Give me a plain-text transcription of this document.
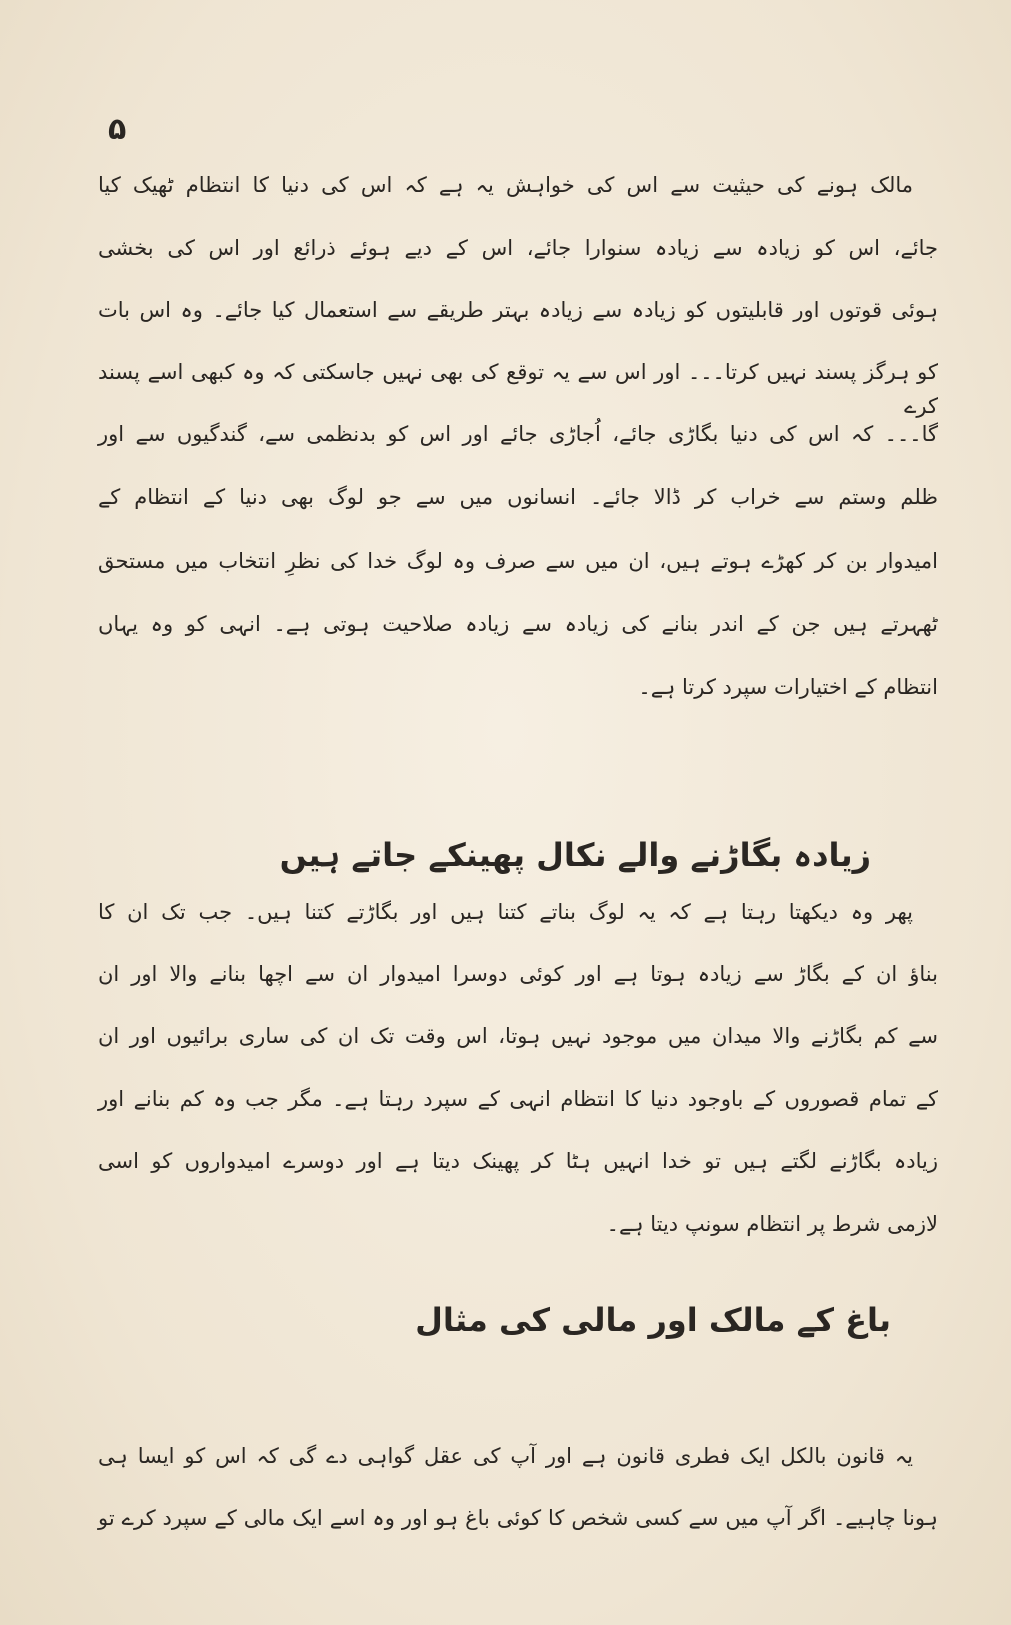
۵
مالک ہونے کی حیثیت سے اس کی خواہش یہ ہے کہ اس کی دنیا کا انتظام ٹھیک کیا
جائے، اس کو زیادہ سے زیادہ سنوارا جائے، اس کے دیے ہوئے ذرائع اور اس کی بخشی
ہوئی قوتوں اور قابلیتوں کو زیادہ سے زیادہ بہتر طریقے سے استعمال کیا جائے۔ وہ اس بات
کو ہرگز پسند نہیں کرتا۔۔۔ اور اس سے یہ توقع کی بھی نہیں جاسکتی کہ وہ کبھی اسے پسند کرے
گا۔۔۔ کہ اس کی دنیا بگاڑی جائے، اُجاڑی جائے اور اس کو بدنظمی سے، گندگیوں سے اور
ظلم وستم سے خراب کر ڈالا جائے۔ انسانوں میں سے جو لوگ بھی دنیا کے انتظام کے
امیدوار بن کر کھڑے ہوتے ہیں، ان میں سے صرف وہ لوگ خدا کی نظرِ انتخاب میں مستحق
ٹھہرتے ہیں جن کے اندر بنانے کی زیادہ سے زیادہ صلاحیت ہوتی ہے۔ انہی کو وہ یہاں
انتظام کے اختیارات سپرد کرتا ہے۔
زیادہ بگاڑنے والے نکال پھینکے جاتے ہیں
پھر وہ دیکھتا رہتا ہے کہ یہ لوگ بناتے کتنا ہیں اور بگاڑتے کتنا ہیں۔ جب تک ان کا
بناؤ ان کے بگاڑ سے زیادہ ہوتا ہے اور کوئی دوسرا امیدوار ان سے اچھا بنانے والا اور ان
سے کم بگاڑنے والا میدان میں موجود نہیں ہوتا، اس وقت تک ان کی ساری برائیوں اور ان
کے تمام قصوروں کے باوجود دنیا کا انتظام انہی کے سپرد رہتا ہے۔ مگر جب وہ کم بنانے اور
زیادہ بگاڑنے لگتے ہیں تو خدا انہیں ہٹا کر پھینک دیتا ہے اور دوسرے امیدواروں کو اسی
لازمی شرط پر انتظام سونپ دیتا ہے۔
باغ کے مالک اور مالی کی مثال
یہ قانون بالکل ایک فطری قانون ہے اور آپ کی عقل گواہی دے گی کہ اس کو ایسا ہی
ہونا چاہیے۔ اگر آپ میں سے کسی شخص کا کوئی باغ ہو اور وہ اسے ایک مالی کے سپرد کرے تو
